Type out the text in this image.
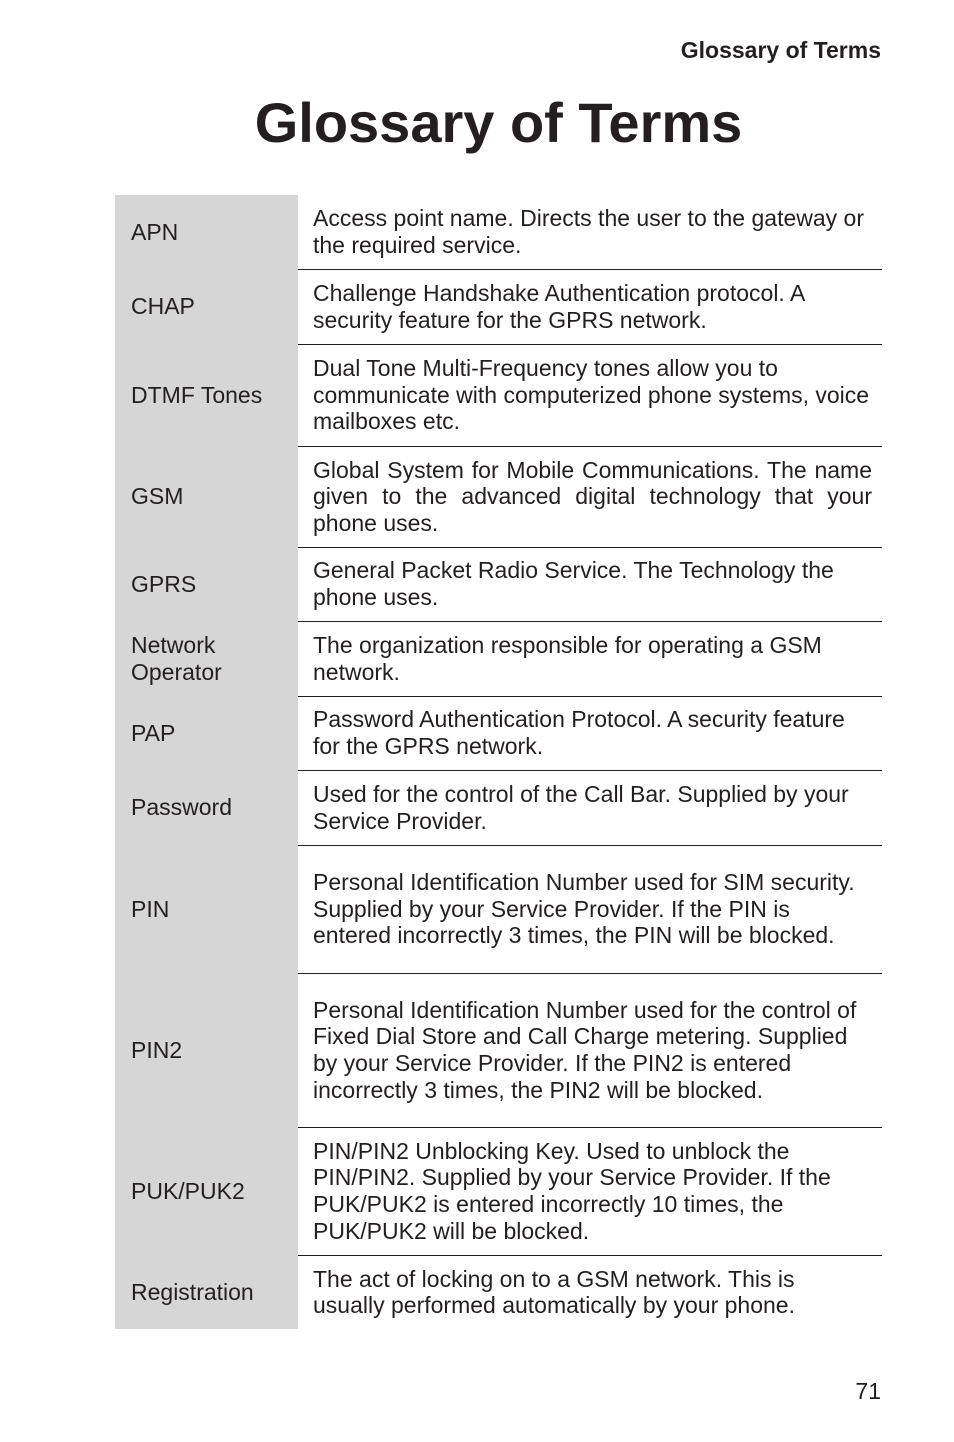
Glossary of Terms
Glossary of Terms
APN	Access point name. Directs the user to the gateway or the required service.
CHAP	Challenge Handshake Authentication protocol. A security feature for the GPRS network.
DTMF Tones	Dual Tone Multi-Frequency tones allow you to communicate with computerized phone systems, voice mailboxes etc.
GSM	Global System for Mobile Communications. The name given to the advanced digital technology that your phone uses.
GPRS	General Packet Radio Service. The Technology the phone uses.
Network Operator	The organization responsible for operating a GSM network.
PAP	Password Authentication Protocol. A security feature for the GPRS network.
Password	Used for the control of the Call Bar. Supplied by your Service Provider.
PIN	Personal Identification Number used for SIM security. Supplied by your Service Provider. If the PIN is entered incorrectly 3 times, the PIN will be blocked.
PIN2	Personal Identification Number used for the control of Fixed Dial Store and Call Charge metering. Supplied by your Service Provider. If the PIN2 is entered incorrectly 3 times, the PIN2 will be blocked.
PUK/PUK2	PIN/PIN2 Unblocking Key. Used to unblock the PIN/PIN2. Supplied by your Service Provider. If the PUK/PUK2 is entered incorrectly 10 times, the PUK/PUK2 will be blocked.
Registration	The act of locking on to a GSM network. This is usually performed automatically by your phone.
71
